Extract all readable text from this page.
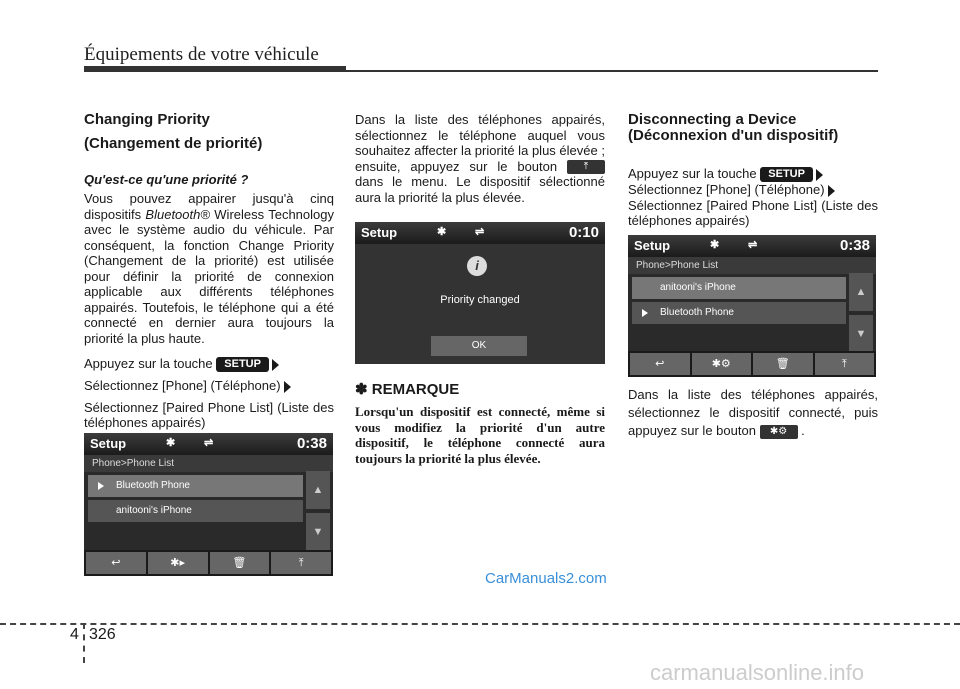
Équipements de votre véhicule
Changing Priority
(Changement de priorité)
Qu'est-ce qu'une priorité ?

Vous pouvez appairer jusqu'à cinq dispositifs Bluetooth® Wireless Technology avec le système audio du véhicule. Par conséquent, la fonction Change Priority (Changement de la priorité) est utilisée pour définir la priorité de connexion applicable aux différents téléphones appairés. Toutefois, le téléphone qui a été connecté en dernier aura toujours la priorité la plus haute.

Appuyez sur la touche SETUP

Sélectionnez [Phone] (Téléphone)

Sélectionnez [Paired Phone List] (Liste des téléphones appairés)

Setup	✱	⇌	0:38
Phone>Phone List
Bluetooth Phone
anitooni's iPhone
▲
▼
↩	✱▸	🗑	⤒

Dans la liste des téléphones appairés, sélectionnez le téléphone auquel vous souhaitez affecter la priorité la plus élevée ; ensuite, appuyez sur le bouton	⤒ dans le menu. Le dispositif sélectionné aura la priorité la plus élevée.

Setup	✱	⇌	0:10
i
Priority changed
OK
✽ REMARQUE
Lorsqu'un dispositif est connecté, même si vous modifiez la priorité d'un autre dispositif, le téléphone connecté aura toujours la priorité la plus élevée.
Disconnecting a Device
(Déconnexion d'un dispositif)

Appuyez sur la touche SETUP

Sélectionnez [Phone] (Téléphone)

Sélectionnez [Paired Phone List] (Liste des téléphones appairés)

Setup	✱	⇌	0:38
Phone>Phone List
anitooni's iPhone
Bluetooth Phone
▲
▼
↩	✱⚙	🗑	⤒

Dans la liste des téléphones appairés, sélectionnez le dispositif connecté, puis appuyez sur le bouton ✱⚙ .

CarManuals2.com
4 326
carmanualsonline.info
